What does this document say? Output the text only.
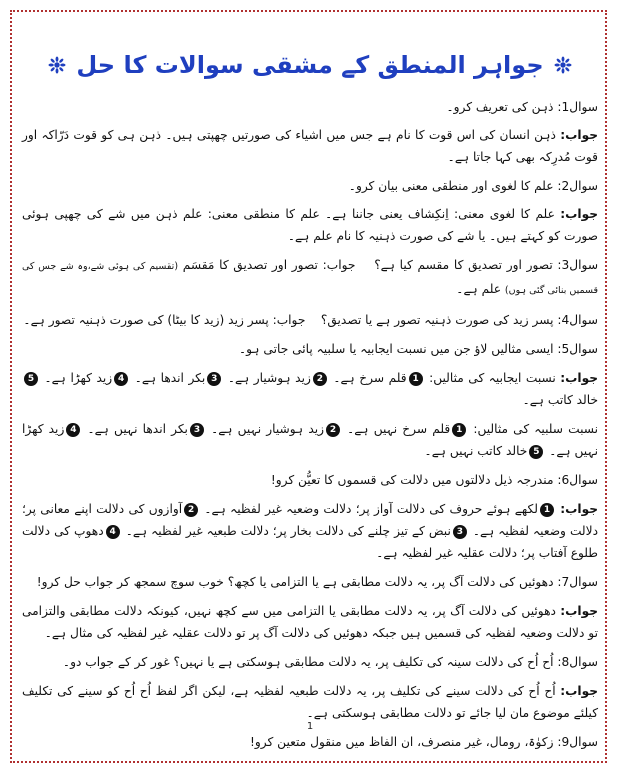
جواہر المنطق کے مشقی سوالات کا حل
سوال1: ذہن کی تعریف کرو۔
جواب: ذہن انسان کی اس قوت کا نام ہے جس میں اشیاء کی صورتیں چھپتی ہیں۔ ذہن ہی کو قوت دَرّاکہ اور قوت مُدرِکہ بھی کہا جاتا ہے۔
سوال2: علم کا لغوی اور منطقی معنی بیان کرو۔
جواب: علم کا لغوی معنی: اِنکِشاف یعنی جاننا ہے۔ علم کا منطقی معنی: علم ذہن میں شے کی چھپی ہوئی صورت کو کہتے ہیں۔ یا شے کی صورت ذہنیہ کا نام علم ہے۔
سوال3: تصور اور تصدیق کا مقسم کیا ہے؟    جواب: تصور اور تصدیق کا مَقسَم (تقسیم کی ہوئی شے،وہ شے جس کی قسمیں بنائی گئی ہوں) علم ہے۔
سوال4: پسر زید کی صورت ذہنیہ تصور ہے یا تصدیق؟    جواب: پسر زید (زید کا بیٹا) کی صورت ذہنیہ تصور ہے۔
سوال5: ایسی مثالیں لاؤ جن میں نسبت ایجابیہ یا سلبیہ پائی جاتی ہو۔
جواب: نسبت ایجابیہ کی مثالیں: 1قلم سرخ ہے۔ 2زید ہوشیار ہے۔ 3بکر اندھا ہے۔ 4زید کھڑا ہے۔ 5خالد کاتب ہے۔
نسبت سلبیہ کی مثالیں: 1قلم سرخ نہیں ہے۔ 2زید ہوشیار نہیں ہے۔ 3بکر اندھا نہیں ہے۔ 4زید کھڑا نہیں ہے۔ 5خالد کاتب نہیں ہے۔
سوال6: مندرجہ ذیل دلالتوں میں دلالت کی قسموں کا تعیُّن کرو!
جواب: 1لکھے ہوئے حروف کی دلالت آواز پر؛ دلالت وضعیہ غیر لفظیہ ہے۔ 2آوازوں کی دلالت اپنے معانی پر؛ دلالت وضعیہ لفظیہ ہے۔ 3نبض کے تیز چلنے کی دلالت بخار پر؛ دلالت طبعیہ غیر لفظیہ ہے۔ 4دھوپ کی دلالت طلوع آفتاب پر؛ دلالت عقلیہ غیر لفظیہ ہے۔
سوال7: دھوئیں کی دلالت آگ پر، یہ دلالت مطابقی ہے یا التزامی یا کچھ؟ خوب سوچ سمجھ کر جواب حل کرو!
جواب: دھوئیں کی دلالت آگ پر، یہ دلالت مطابقی یا التزامی میں سے کچھ نہیں، کیونکہ دلالت مطابقی والتزامی تو دلالت وضعیہ لفظیہ کی قسمیں ہیں جبکہ دھوئیں کی دلالت آگ پر تو دلالت عقلیہ غیر لفظیہ کی مثال ہے۔
سوال8: اُح اُح کی دلالت سینہ کی تکلیف پر، یہ دلالت مطابقی ہوسکتی ہے یا نہیں؟ غور کر کے جواب دو۔
جواب: اُح اُح کی دلالت سینے کی تکلیف پر، یہ دلالت طبعیہ لفظیہ ہے، لیکن اگر لفظ اُح اُح کو سینے کی تکلیف کیلئے موضوع مان لیا جائے تو دلالت مطابقی ہوسکتی ہے۔
سوال9: زکوٰۃ، رومال، غیر منصرف، ان الفاظ میں منقول متعین کرو!
1
